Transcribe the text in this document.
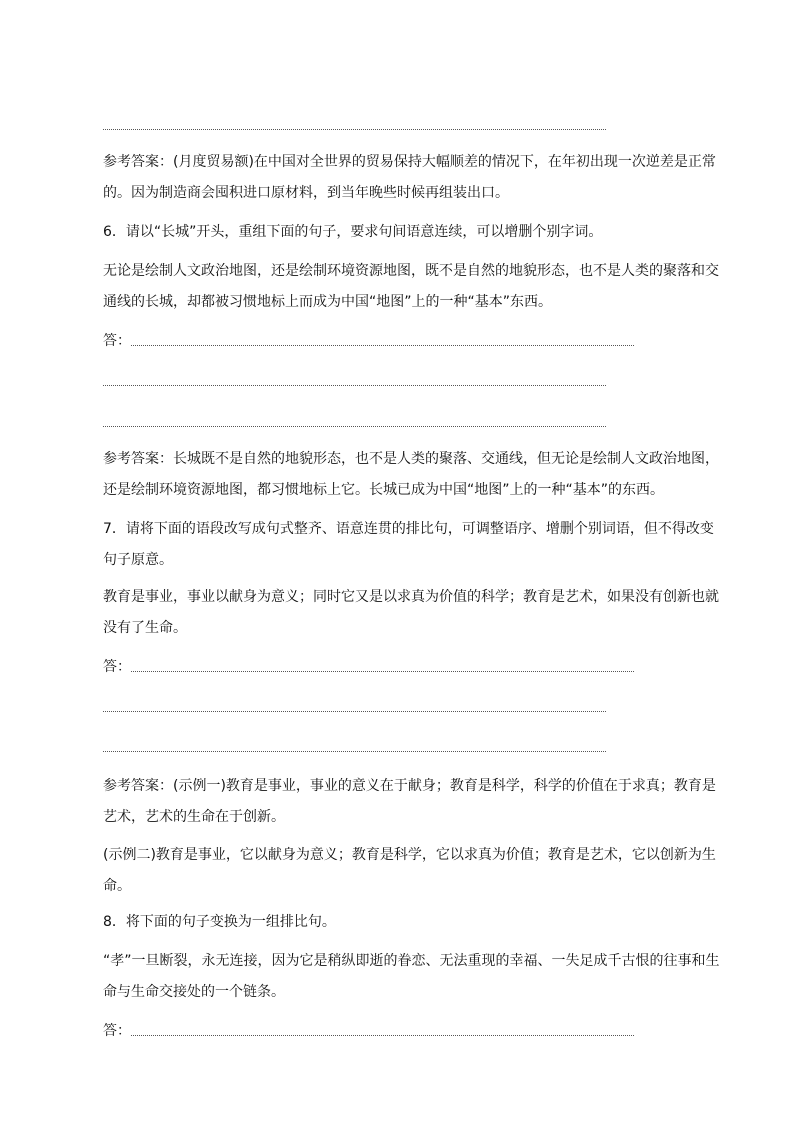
参考答案：(月度贸易额)在中国对全世界的贸易保持大幅顺差的情况下，在年初出现一次逆差是正常的。因为制造商会囤积进口原材料，到当年晚些时候再组装出口。

6．请以“长城”开头，重组下面的句子，要求句间语意连续，可以增删个别字词。

无论是绘制人文政治地图，还是绘制环境资源地图，既不是自然的地貌形态，也不是人类的聚落和交通线的长城，却都被习惯地标上而成为中国“地图”上的一种“基本”东西。

答：

参考答案：长城既不是自然的地貌形态，也不是人类的聚落、交通线，但无论是绘制人文政治地图，还是绘制环境资源地图，都习惯地标上它。长城已成为中国“地图”上的一种“基本”的东西。

7．请将下面的语段改写成句式整齐、语意连贯的排比句，可调整语序、增删个别词语，但不得改变句子原意。

教育是事业，事业以献身为意义；同时它又是以求真为价值的科学；教育是艺术，如果没有创新也就没有了生命。

答：

参考答案：(示例一)教育是事业，事业的意义在于献身；教育是科学，科学的价值在于求真；教育是艺术，艺术的生命在于创新。

(示例二)教育是事业，它以献身为意义；教育是科学，它以求真为价值；教育是艺术，它以创新为生命。

8．将下面的句子变换为一组排比句。

“孝”一旦断裂，永无连接，因为它是稍纵即逝的眷恋、无法重现的幸福、一失足成千古恨的往事和生命与生命交接处的一个链条。

答：
